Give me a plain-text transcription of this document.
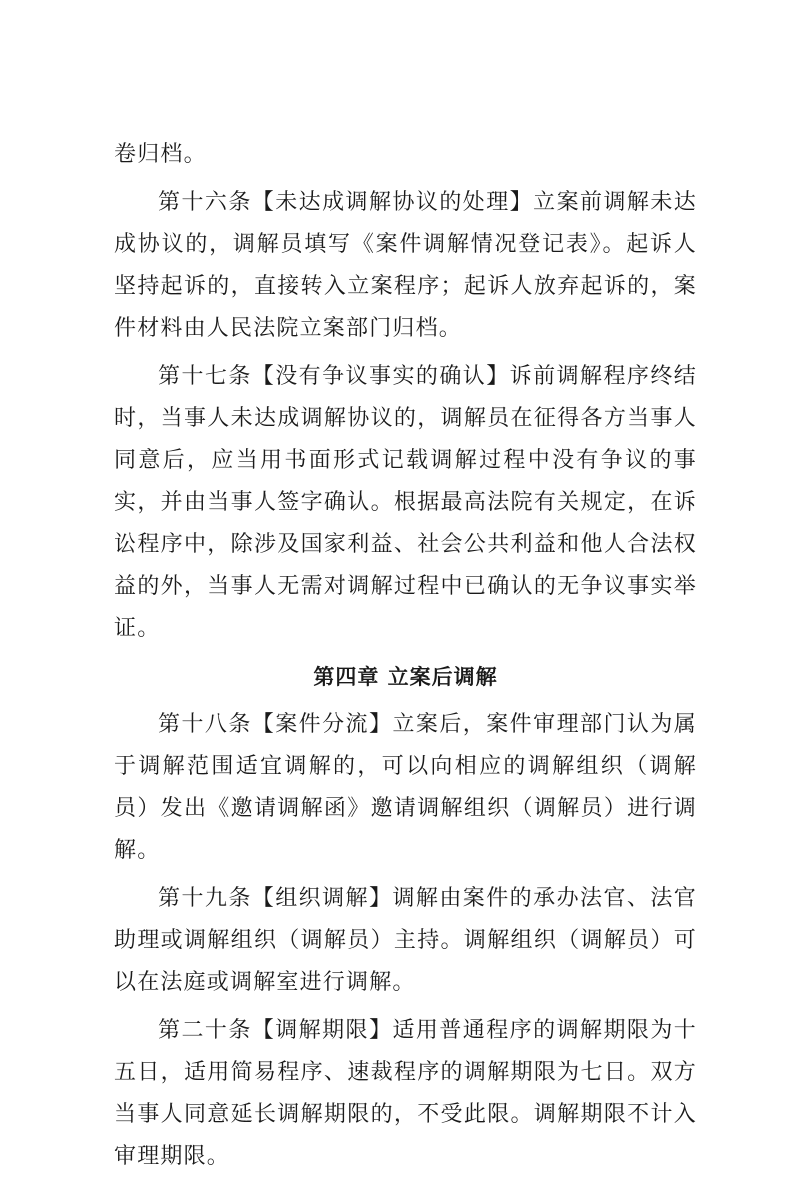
卷归档。

第十六条【未达成调解协议的处理】立案前调解未达成协议的，调解员填写《案件调解情况登记表》。起诉人坚持起诉的，直接转入立案程序；起诉人放弃起诉的，案件材料由人民法院立案部门归档。

第十七条【没有争议事实的确认】诉前调解程序终结时，当事人未达成调解协议的，调解员在征得各方当事人同意后，应当用书面形式记载调解过程中没有争议的事实，并由当事人签字确认。根据最高法院有关规定，在诉讼程序中，除涉及国家利益、社会公共利益和他人合法权益的外，当事人无需对调解过程中已确认的无争议事实举证。

第四章 立案后调解

第十八条【案件分流】立案后，案件审理部门认为属于调解范围适宜调解的，可以向相应的调解组织（调解员）发出《邀请调解函》邀请调解组织（调解员）进行调解。

第十九条【组织调解】调解由案件的承办法官、法官助理或调解组织（调解员）主持。调解组织（调解员）可以在法庭或调解室进行调解。

第二十条【调解期限】适用普通程序的调解期限为十五日，适用简易程序、速裁程序的调解期限为七日。双方当事人同意延长调解期限的，不受此限。调解期限不计入审理期限。
